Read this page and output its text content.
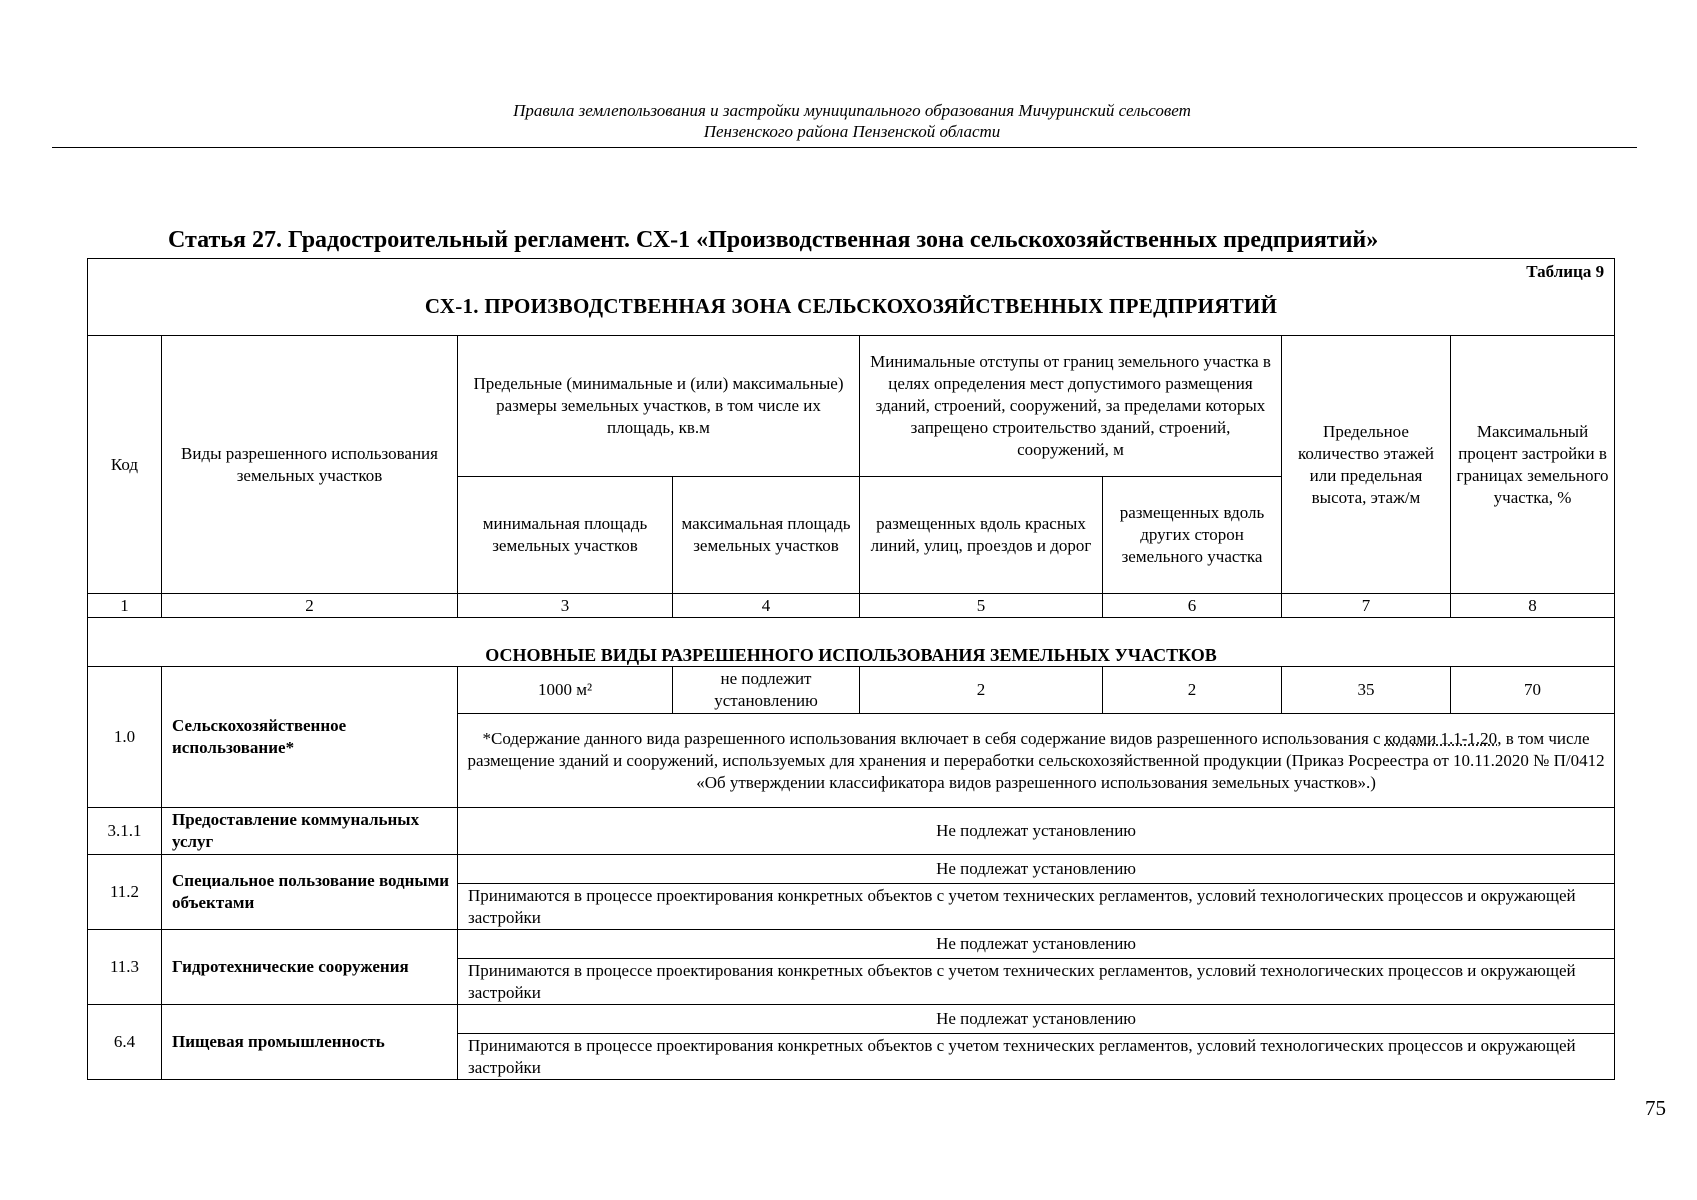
Правила землепользования и застройки муниципального образования Мичуринский сельсовет
Пензенского района Пензенской области
Статья 27. Градостроительный регламент. СХ-1 «Производственная зона сельскохозяйственных предприятий»
Таблица 9
СХ-1. ПРОИЗВОДСТВЕННАЯ ЗОНА СЕЛЬСКОХОЗЯЙСТВЕННЫХ ПРЕДПРИЯТИЙ							

Код	Виды разрешенного использования земельных участков	Предельные (минимальные и (или) максимальные) размеры земельных участков, в том числе их площадь, кв.м		Минимальные отступы от границ земельного участка в целях определения мест допустимого размещения зданий, строений, сооружений, за пределами которых запрещено строительство зданий, строений, сооружений, м		Предельное количество этажей или предельная высота, этаж/м	Максимальный процент застройки в границах земельного участка, %
		минимальная площадь земельных участков	максимальная площадь земельных участков	размещенных вдоль красных линий, улиц, проездов и дорог	размещенных вдоль других сторон земельного участка		
1	2	3	4	5	6	7	8
ОСНОВНЫЕ ВИДЫ РАЗРЕШЕННОГО ИСПОЛЬЗОВАНИЯ ЗЕМЕЛЬНЫХ УЧАСТКОВ							
1.0	Сельскохозяйственное использование*	1000 м²	не подлежит установлению	2	2	35	70
		*Содержание данного вида разрешенного использования включает в себя содержание видов разрешенного использования с кодами 1.1-1.20, в том числе размещение зданий и сооружений, используемых для хранения и переработки сельскохозяйственной продукции (Приказ Росреестра от 10.11.2020 № П/0412 «Об утверждении классификатора видов разрешенного использования земельных участков».)					
3.1.1	Предоставление коммунальных услуг	Не подлежат установлению					
11.2	Специальное пользование водными объектами	Не подлежат установлению					
		Принимаются в процессе проектирования конкретных объектов с учетом технических регламентов, условий технологических процессов и окружающей застройки					
11.3	Гидротехнические сооружения	Не подлежат установлению					
		Принимаются в процессе проектирования конкретных объектов с учетом технических регламентов, условий технологических процессов и окружающей застройки					
6.4	Пищевая промышленность	Не подлежат установлению					
		Принимаются в процессе проектирования конкретных объектов с учетом технических регламентов, условий технологических процессов и окружающей застройки					
75
